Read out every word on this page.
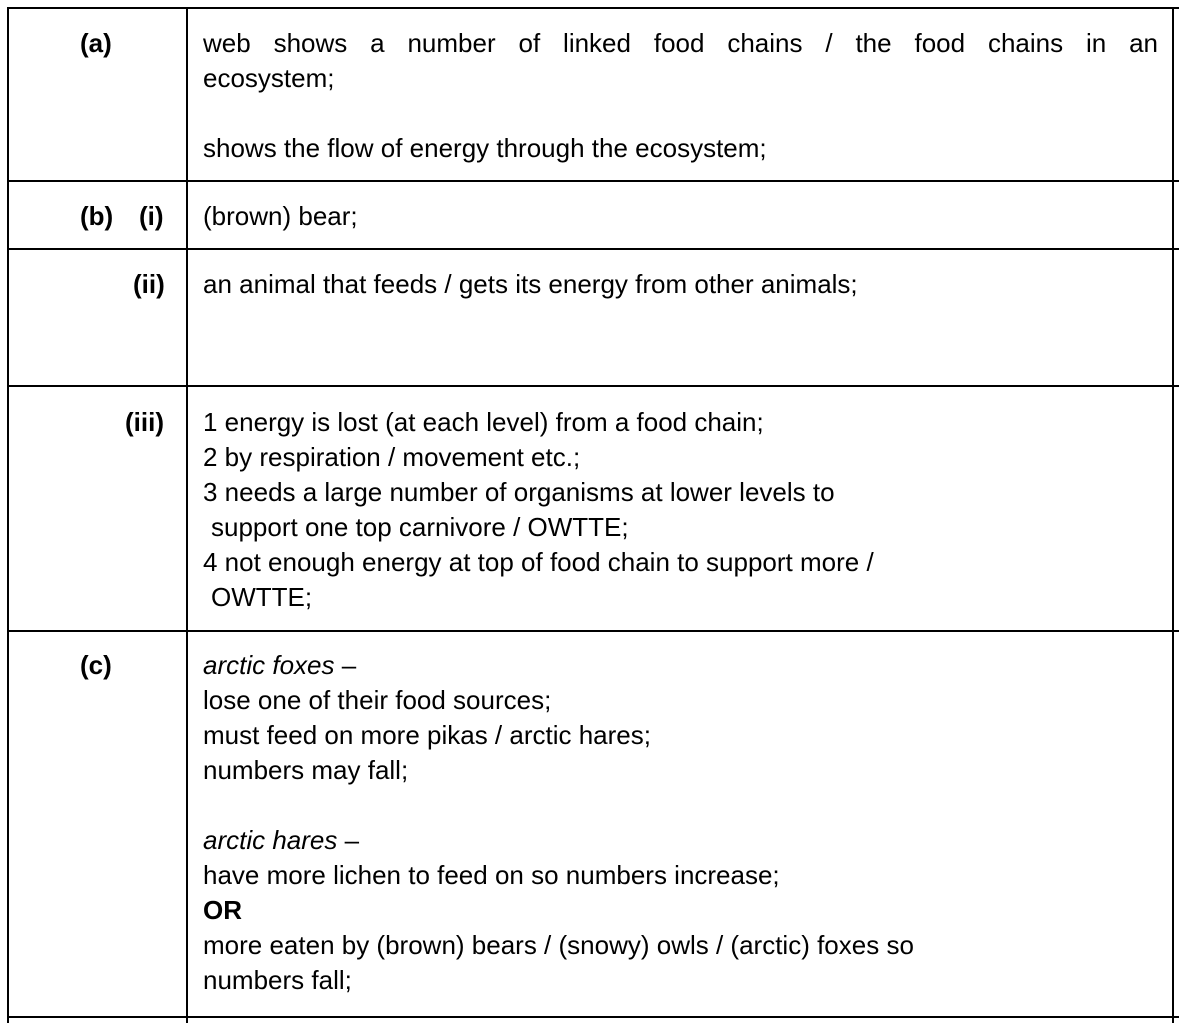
(a)	web shows a number of linked food chains / the food chains in an
ecosystem;
shows the flow of energy through the ecosystem;
(b) (i) (brown) bear;
(ii) an animal that feeds / gets its energy from other animals;
(iii) 1 energy is lost (at each level) from a food chain;
2 by respiration / movement etc.;
3 needs a large number of organisms at lower levels to
support one top carnivore / OWTTE;
4 not enough energy at top of food chain to support more /
OWTTE;
(c)	arctic foxes –
lose one of their food sources;
must feed on more pikas / arctic hares;
numbers may fall;
arctic hares –
have more lichen to feed on so numbers increase;
OR
more eaten by (brown) bears / (snowy) owls / (arctic) foxes so
numbers fall;
